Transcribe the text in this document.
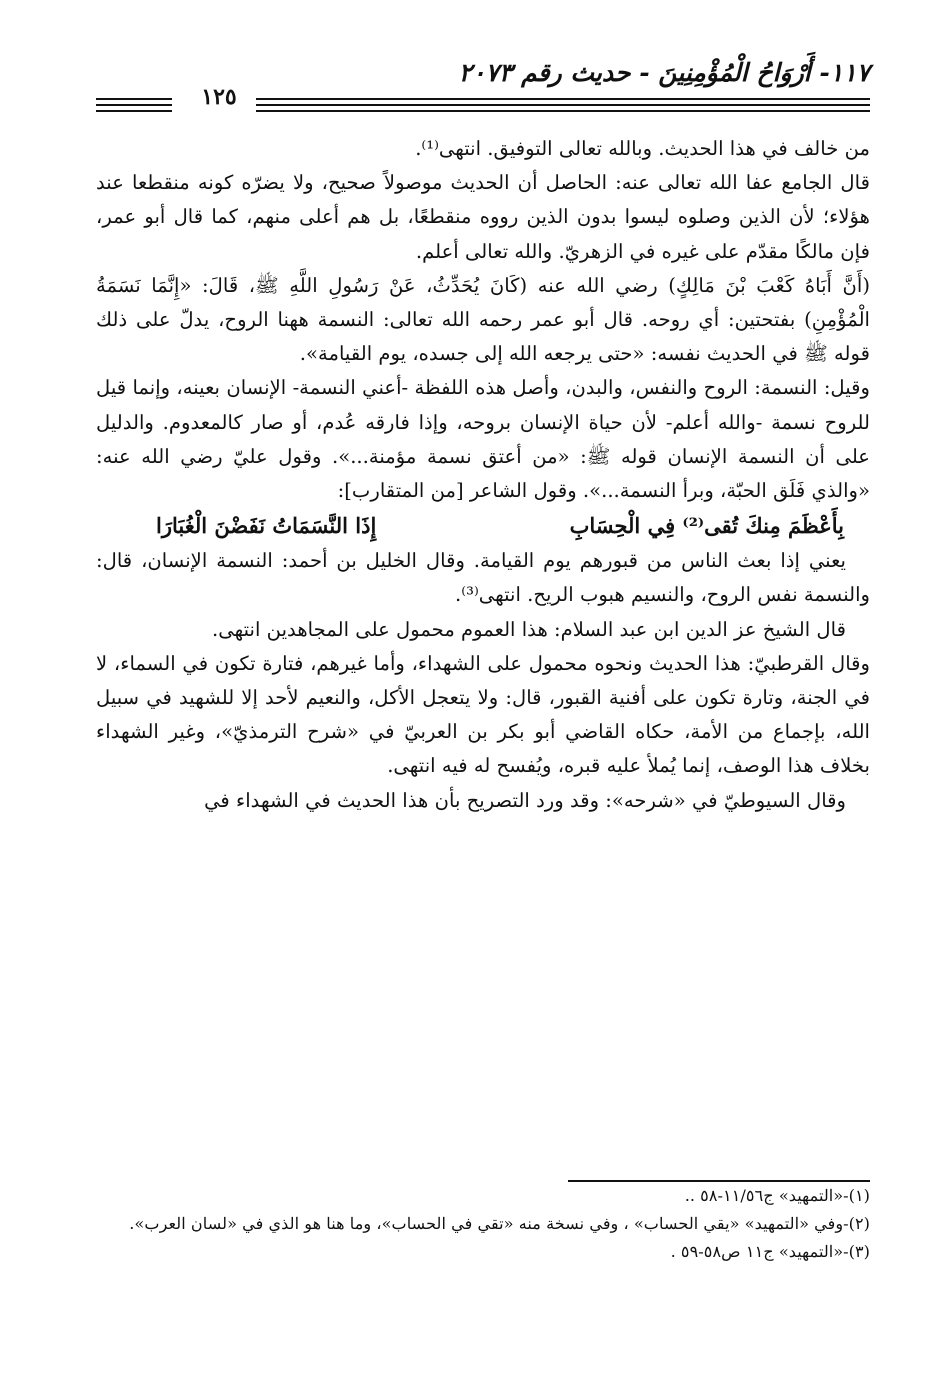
١١٧- أَرْوَاحُ الْمُؤْمِنِينَ - حديث رقم ٢٠٧٣
١٢٥

من خالف في هذا الحديث. وبالله تعالى التوفيق. انتهى⁽¹⁾.

قال الجامع عفا الله تعالى عنه: الحاصل أن الحديث موصولاً صحيح، ولا يضرّه كونه منقطعا عند هؤلاء؛ لأن الذين وصلوه ليسوا بدون الذين رووه منقطعًا، بل هم أعلى منهم، كما قال أبو عمر، فإن مالكًا مقدّم على غيره في الزهريّ. والله تعالى أعلم.

(أَنَّ أَبَاهُ كَعْبَ بْنَ مَالِكٍ) رضي الله عنه (كَانَ يُحَدِّثُ، عَنْ رَسُولِ اللَّهِ ﷺ، قَالَ: «إِنَّمَا نَسَمَةُ الْمُؤْمِنِ) بفتحتين: أي روحه. قال أبو عمر رحمه الله تعالى: النسمة ههنا الروح، يدلّ على ذلك قوله ﷺ في الحديث نفسه: «حتى يرجعه الله إلى جسده، يوم القيامة».

وقيل: النسمة: الروح والنفس، والبدن، وأصل هذه اللفظة -أعني النسمة- الإنسان بعينه، وإنما قيل للروح نسمة -والله أعلم- لأن حياة الإنسان بروحه، وإذا فارقه عُدم، أو صار كالمعدوم. والدليل على أن النسمة الإنسان قوله ﷺ: «من أعتق نسمة مؤمنة...». وقول عليّ رضي الله عنه: «والذي فَلَق الحبّة، وبرأ النسمة...». وقول الشاعر [من المتقارب]:

بِأَعْظَمَ مِنكَ تُقى⁽²⁾ فِي الْحِسَابِ
إِذَا النَّسَمَاتُ نَفَضْنَ الْغُبَارَا

يعني إذا بعث الناس من قبورهم يوم القيامة. وقال الخليل بن أحمد: النسمة الإنسان، قال: والنسمة نفس الروح، والنسيم هبوب الريح. انتهى⁽³⁾.

قال الشيخ عز الدين ابن عبد السلام: هذا العموم محمول على المجاهدين انتهى.

وقال القرطبيّ: هذا الحديث ونحوه محمول على الشهداء، وأما غيرهم، فتارة تكون في السماء، لا في الجنة، وتارة تكون على أفنية القبور، قال: ولا يتعجل الأكل، والنعيم لأحد إلا للشهيد في سبيل الله، بإجماع من الأمة، حكاه القاضي أبو بكر بن العربيّ في «شرح الترمذيّ»، وغير الشهداء بخلاف هذا الوصف، إنما يُملأ عليه قبره، ويُفسح له فيه انتهى.

وقال السيوطيّ في «شرحه»: وقد ورد التصريح بأن هذا الحديث في الشهداء في

(١)-«التمهيد» ج١١/٥٦-٥٨ ..

(٢)-وفي «التمهيد» «يقي الحساب» ، وفي نسخة منه «تقي في الحساب»، وما هنا هو الذي في «لسان العرب».

(٣)-«التمهيد» ج١١ ص٥٨-٥٩ .
